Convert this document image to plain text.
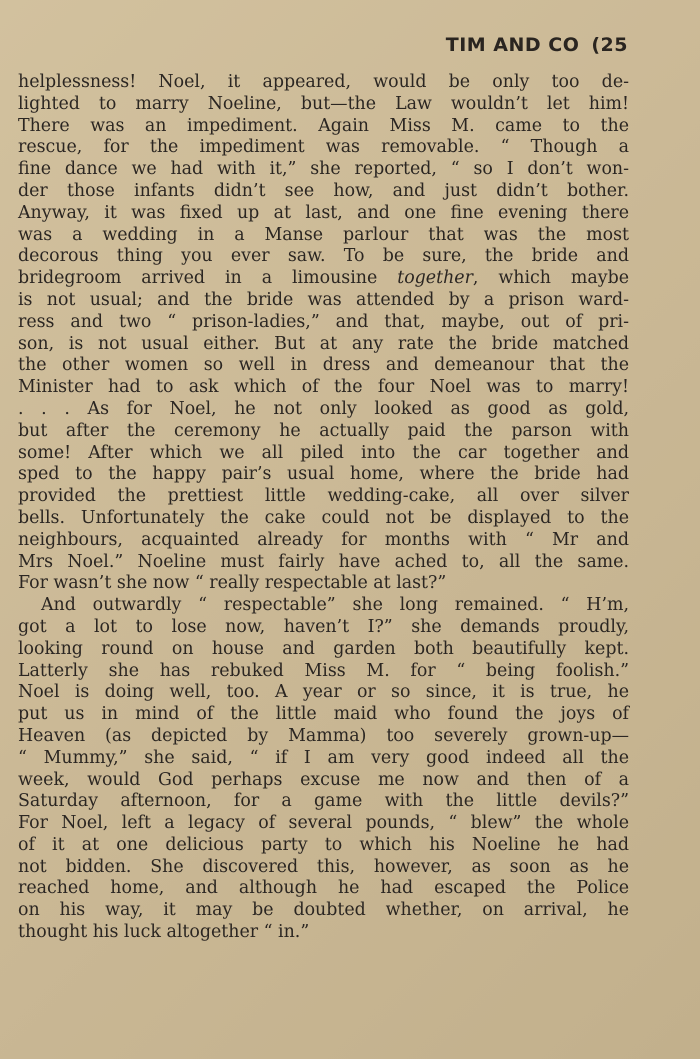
TIM AND CO (25
helplessness! Noel, it appeared, would be only too de-
lighted to marry Noeline, but—the Law wouldn’t let him!
There was an impediment. Again Miss M. came to the
rescue, for the impediment was removable. “ Though a
fine dance we had with it,” she reported, “ so I don’t won-
der those infants didn’t see how, and just didn’t bother.
Anyway, it was fixed up at last, and one fine evening there
was a wedding in a Manse parlour that was the most
decorous thing you ever saw. To be sure, the bride and
bridegroom arrived in a limousine together, which maybe
is not usual; and the bride was attended by a prison ward-
ress and two “ prison-ladies,” and that, maybe, out of pri-
son, is not usual either. But at any rate the bride matched
the other women so well in dress and demeanour that the
Minister had to ask which of the four Noel was to marry!
. . . As for Noel, he not only looked as good as gold,
but after the ceremony he actually paid the parson with
some! After which we all piled into the car together and
sped to the happy pair’s usual home, where the bride had
provided the prettiest little wedding-cake, all over silver
bells. Unfortunately the cake could not be displayed to the
neighbours, acquainted already for months with “ Mr and
Mrs Noel.” Noeline must fairly have ached to, all the same.
For wasn’t she now “ really respectable at last?”
And outwardly “ respectable” she long remained. “ H’m,
got a lot to lose now, haven’t I?” she demands proudly,
looking round on house and garden both beautifully kept.
Latterly she has rebuked Miss M. for “ being foolish.”
Noel is doing well, too. A year or so since, it is true, he
put us in mind of the little maid who found the joys of
Heaven (as depicted by Mamma) too severely grown-up—
“ Mummy,” she said, “ if I am very good indeed all the
week, would God perhaps excuse me now and then of a
Saturday afternoon, for a game with the little devils?”
For Noel, left a legacy of several pounds, “ blew” the whole
of it at one delicious party to which his Noeline he had
not bidden. She discovered this, however, as soon as he
reached home, and although he had escaped the Police
on his way, it may be doubted whether, on arrival, he
thought his luck altogether “ in.”
